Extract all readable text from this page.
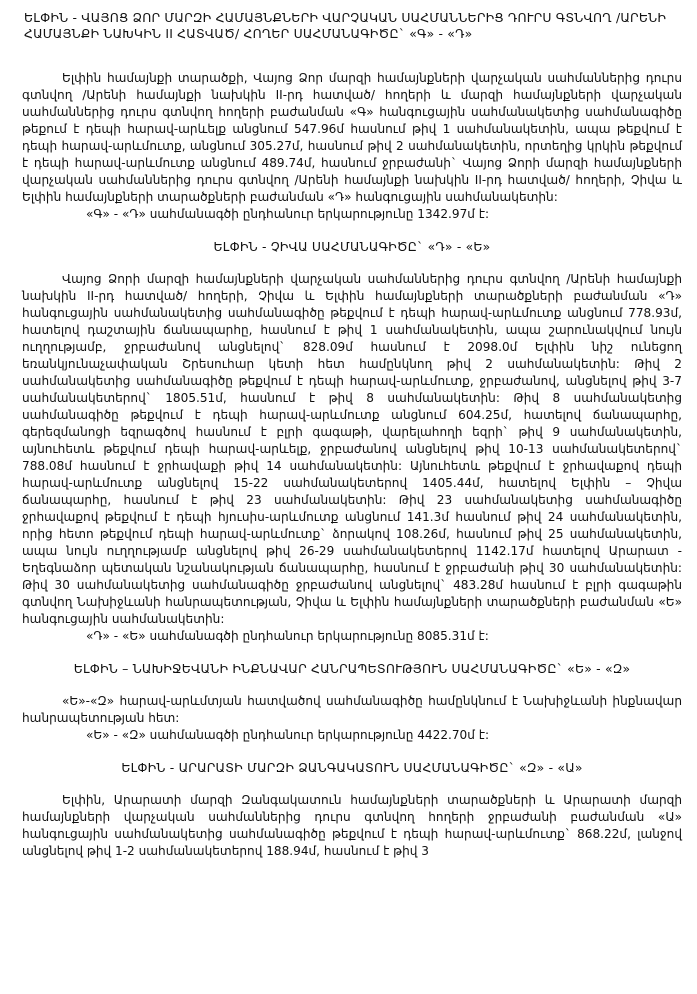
ԵԼՓԻՆ - ՎԱՅՈՑ ՁՈՐ ՄԱՐԶԻ ՀԱՄԱՅՆՔՆԵՐԻ ՎԱՐՉԱԿԱՆ ՍԱՀՄԱՆՆԵՐԻՑ ԴՈՒՐՍ ԳՏՆՎՈՂ /ԱՐԵՆԻ ՀԱՄԱՅՆՔԻ ՆԱԽԿԻՆ II ՀԱՏՎԱԾ/ ՀՈՂԵՐ ՍԱՀՄԱՆԱԳԻԾԸ` «Գ» - «Դ»

Ելփին համայնքի տարածքի, Վայոց Ձոր մարզի համայնքների վարչական սահմաններից դուրս գտնվող /Արենի համայնքի նախկին II-րդ հատված/ հողերի և մարզի համայնքների վարչական սահմաններից դուրս գտնվող հողերի բաժանման «Գ» հանգուցային սահմանակետից սահմանագիծը թեքում է դեպի հարավ-արևելք անցնում 547.96մ հասնում թիվ 1 սահմանակետին, ապա թեքվում է դեպի հարավ-արևմուտք, անցնում 305.27մ, հասնում թիվ 2 սահմանակետին, որտեղից կրկին թեքվում է դեպի հարավ-արևմուտք անցնում 489.74մ, հասնում ջրբաժանի` Վայոց Ձորի մարզի համայնքների վարչական սահմաններից դուրս գտնվող /Արենի համայնքի նախկին II-րդ հատված/ հողերի, Չիվա և Ելփին համայնքների տարածքների բաժանման «Դ» հանգուցային սահմանակետին:

«Գ» - «Դ» սահմանագծի ընդհանուր երկարությունը 1342.97մ է:

ԵԼՓԻՆ - ՉԻՎԱ ՍԱՀՄԱՆԱԳԻԾԸ` «Դ» - «Ե»

Վայոց Ձորի մարզի համայնքների վարչական սահմաններից դուրս գտնվող /Արենի համայնքի նախկին II-րդ հատված/ հողերի, Չիվա և Ելփին համայնքների տարածքների բաժանման «Դ» հանգուցային սահմանակետից սահմանագիծը թեքվում է դեպի հարավ-արևմուտք անցնում 778.93մ, հատելով դաշտային ճանապարհը, հասնում է թիվ 1 սահմանակետին, ապա շարունակվում նույն ուղղությամբ, ջրբաժանով անցնելով` 828.09մ հասնում է 2098.0մ Ելփին նիշ ունեցող եռանկյունաչափական Շրեսուհար կետի հետ համընկնող թիվ 2 սահմանակետին: Թիվ 2 սահմանակետից սահմանագիծը թեքվում է դեպի հարավ-արևմուտք, ջրբաժանով, անցնելով թիվ 3-7 սահմանակետերով` 1805.51մ, հասնում է թիվ 8 սահմանակետին: Թիվ 8 սահմանակետից սահմանագիծը թեքվում է դեպի հարավ-արևմուտք անցնում 604.25մ, հատելով ճանապարհը, գերեզմանոցի եզրագծով հասնում է բլրի գագաթի, վարելահողի եզրի` թիվ 9 սահմանակետին, այնուհետև թեքվում դեպի հարավ-արևելք, ջրբաժանով անցնելով թիվ 10-13 սահմանակետերով` 788.08մ հասնում է ջրհավաքի թիվ 14 սահմանակետին: Այնուհետև թեքվում է ջրհավաքով դեպի հարավ-արևմուտք անցնելով 15-22 սահմանակետերով 1405.44մ, հատելով Ելփին – Չիվա ճանապարհը, հասնում է թիվ 23 սահմանակետին: Թիվ 23 սահմանակետից սահմանագիծը ջրհավաքով թեքվում է դեպի հյուսիս-արևմուտք անցնում 141.3մ հասնում թիվ 24 սահմանակետին, որից հետո թեքվում դեպի հարավ-արևմուտք` ձորակով 108.26մ, հասնում թիվ 25 սահմանակետին, ապա նույն ուղղությամբ անցնելով թիվ 26-29 սահմանակետերով 1142.17մ հատելով Արարատ - Եղեգնաձոր պետական նշանակության ճանապարհը, հասնում է ջրբաժանի թիվ 30 սահմանակետին: Թիվ 30 սահմանակետից սահմանագիծը ջրբաժանով անցնելով` 483.28մ հասնում է բլրի գագաթին գտնվող Նախիջևանի հանրապետության, Չիվա և Ելփին համայնքների տարածքների բաժանման «Ե» հանգուցային սահմանակետին:

«Դ» - «Ե» սահմանագծի ընդհանուր երկարությունը 8085.31մ է:

ԵԼՓԻՆ – ՆԱԽԻՋԵՎԱՆԻ ԻՆՔՆԱՎԱՐ ՀԱՆՐԱՊԵՏՈՒԹՅՈՒՆ ՍԱՀՄԱՆԱԳԻԾԸ` «Ե» - «Զ»

«Ե»-«Զ» հարավ-արևմտյան հատվածով սահմանագիծը համընկնում է Նախիջևանի ինքնավար հանրապետության հետ:

«Ե» - «Զ» սահմանագծի ընդհանուր երկարությունը 4422.70մ է:

ԵԼՓԻՆ - ԱՐԱՐԱՏԻ ՄԱՐԶԻ ՁԱՆԳԱԿԱՏՈՒՆ ՍԱՀՄԱՆԱԳԻԾԸ` «Զ» - «Ա»

Ելփին, Արարատի մարզի Զանգակատուն համայնքների տարածքների և Արարատի մարզի համայնքների վարչական սահմաններից դուրս գտնվող հողերի ջրբաժանի բաժանման «Ա» հանգուցային սահմանակետից սահմանագիծը թեքվում է դեպի հարավ-արևմուտք` 868.22մ, լանջով անցնելով թիվ 1-2 սահմանակետերով 188.94մ, հասնում է թիվ 3
